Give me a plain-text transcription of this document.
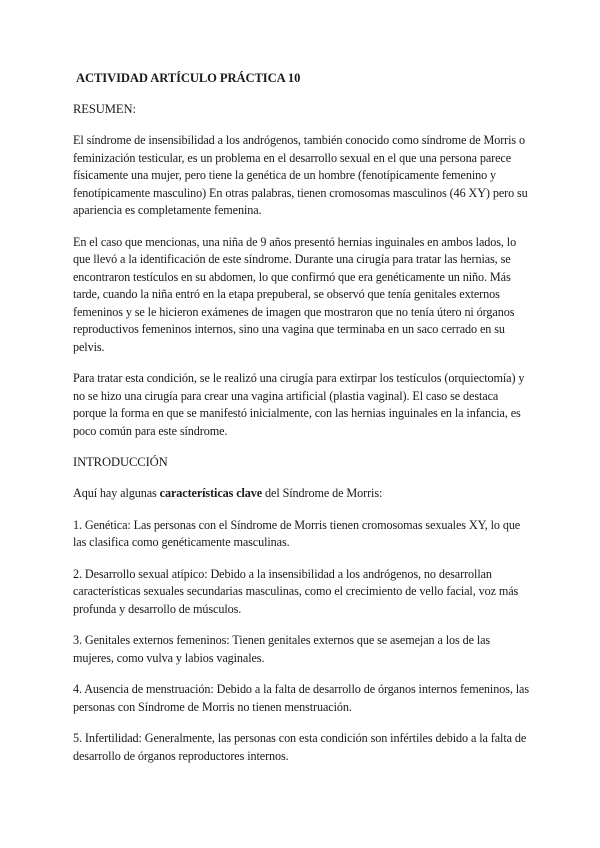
ACTIVIDAD ARTÍCULO PRÁCTICA 10
RESUMEN:

El síndrome de insensibilidad a los andrógenos, también conocido como síndrome de Morris o feminización testicular, es un problema en el desarrollo sexual en el que una persona parece físicamente una mujer, pero tiene la genética de un hombre (fenotípicamente femenino y fenotípicamente masculino) En otras palabras, tienen cromosomas masculinos (46 XY) pero su apariencia es completamente femenina.

En el caso que mencionas, una niña de 9 años presentó hernias inguinales en ambos lados, lo que llevó a la identificación de este síndrome. Durante una cirugía para tratar las hernias, se encontraron testículos en su abdomen, lo que confirmó que era genéticamente un niño. Más tarde, cuando la niña entró en la etapa prepuberal, se observó que tenía genitales externos femeninos y se le hicieron exámenes de imagen que mostraron que no tenía útero ni órganos reproductivos femeninos internos, sino una vagina que terminaba en un saco cerrado en su pelvis.

Para tratar esta condición, se le realizó una cirugía para extirpar los testículos (orquiectomía) y no se hizo una cirugía para crear una vagina artificial (plastia vaginal). El caso se destaca porque la forma en que se manifestó inicialmente, con las hernias inguinales en la infancia, es poco común para este síndrome.

INTRODUCCIÓN
Aquí hay algunas características clave del Síndrome de Morris:

1. Genética: Las personas con el Síndrome de Morris tienen cromosomas sexuales XY, lo que las clasifica como genéticamente masculinas.

2. Desarrollo sexual atípico: Debido a la insensibilidad a los andrógenos, no desarrollan características sexuales secundarias masculinas, como el crecimiento de vello facial, voz más profunda y desarrollo de músculos.

3. Genitales externos femeninos: Tienen genitales externos que se asemejan a los de las mujeres, como vulva y labios vaginales.

4. Ausencia de menstruación: Debido a la falta de desarrollo de órganos internos femeninos, las personas con Síndrome de Morris no tienen menstruación.

5. Infertilidad: Generalmente, las personas con esta condición son infértiles debido a la falta de desarrollo de órganos reproductores internos.
